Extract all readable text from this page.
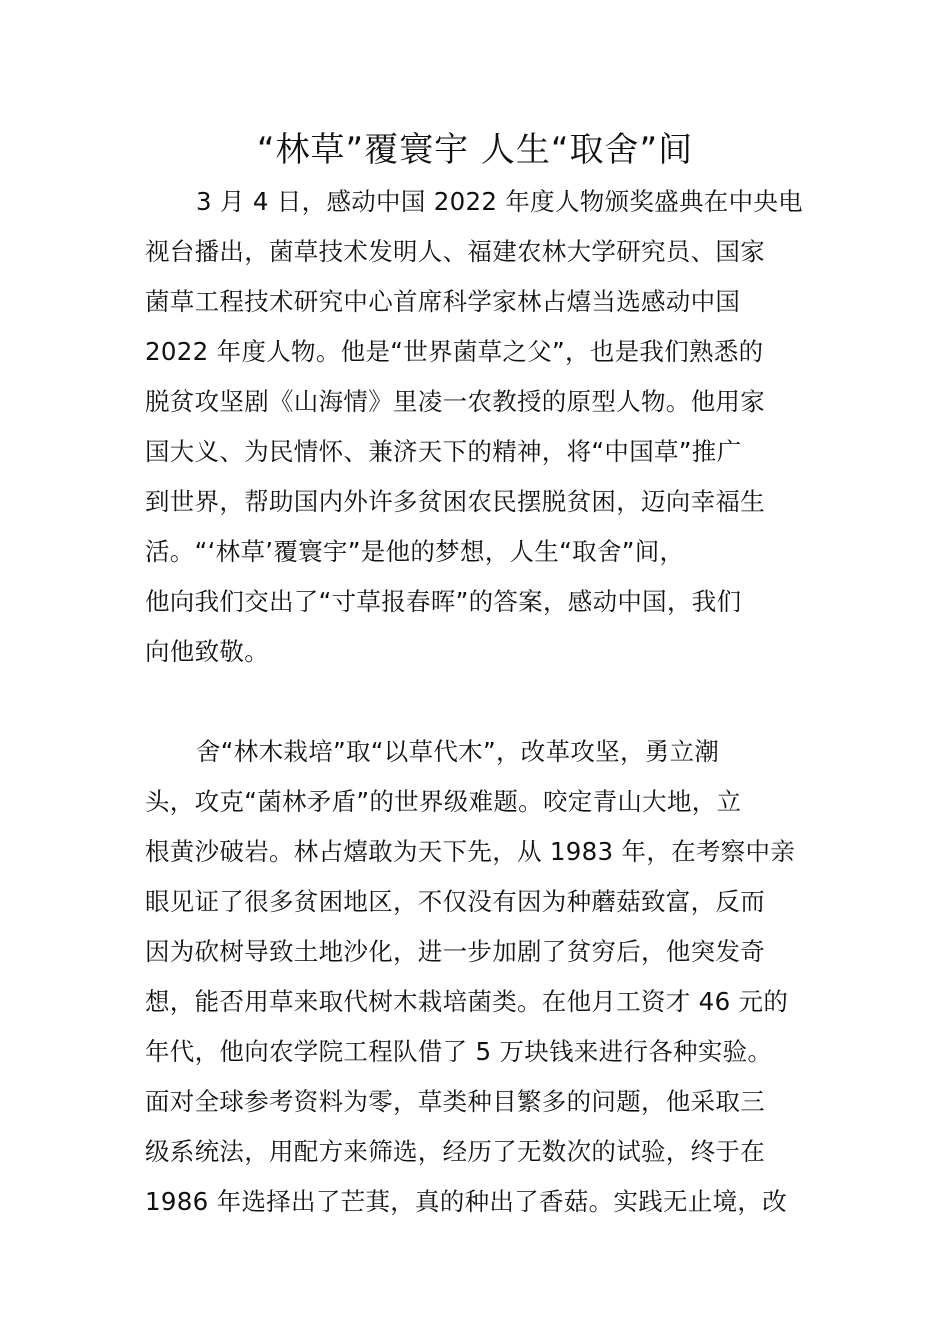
“林草”覆寰宇 人生“取舍”间
3 月 4 日，感动中国 2022 年度人物颁奖盛典在中央电
视台播出，菌草技术发明人、福建农林大学研究员、国家
菌草工程技术研究中心首席科学家林占熺当选感动中国
2022 年度人物。他是“世界菌草之父”，也是我们熟悉的
脱贫攻坚剧《山海情》里凌一农教授的原型人物。他用家
国大义、为民情怀、兼济天下的精神，将“中国草”推广
到世界，帮助国内外许多贫困农民摆脱贫困，迈向幸福生
活。“‘林草’覆寰宇”是他的梦想，人生“取舍”间，
他向我们交出了“寸草报春晖”的答案，感动中国，我们
向他致敬。
舍“林木栽培”取“以草代木”，改革攻坚，勇立潮
头，攻克“菌林矛盾”的世界级难题。咬定青山大地，立
根黄沙破岩。林占熺敢为天下先，从 1983 年，在考察中亲
眼见证了很多贫困地区，不仅没有因为种蘑菇致富，反而
因为砍树导致土地沙化，进一步加剧了贫穷后，他突发奇
想，能否用草来取代树木栽培菌类。在他月工资才 46 元的
年代，他向农学院工程队借了 5 万块钱来进行各种实验。
面对全球参考资料为零，草类种目繁多的问题，他采取三
级系统法，用配方来筛选，经历了无数次的试验，终于在
1986 年选择出了芒萁，真的种出了香菇。实践无止境，改
